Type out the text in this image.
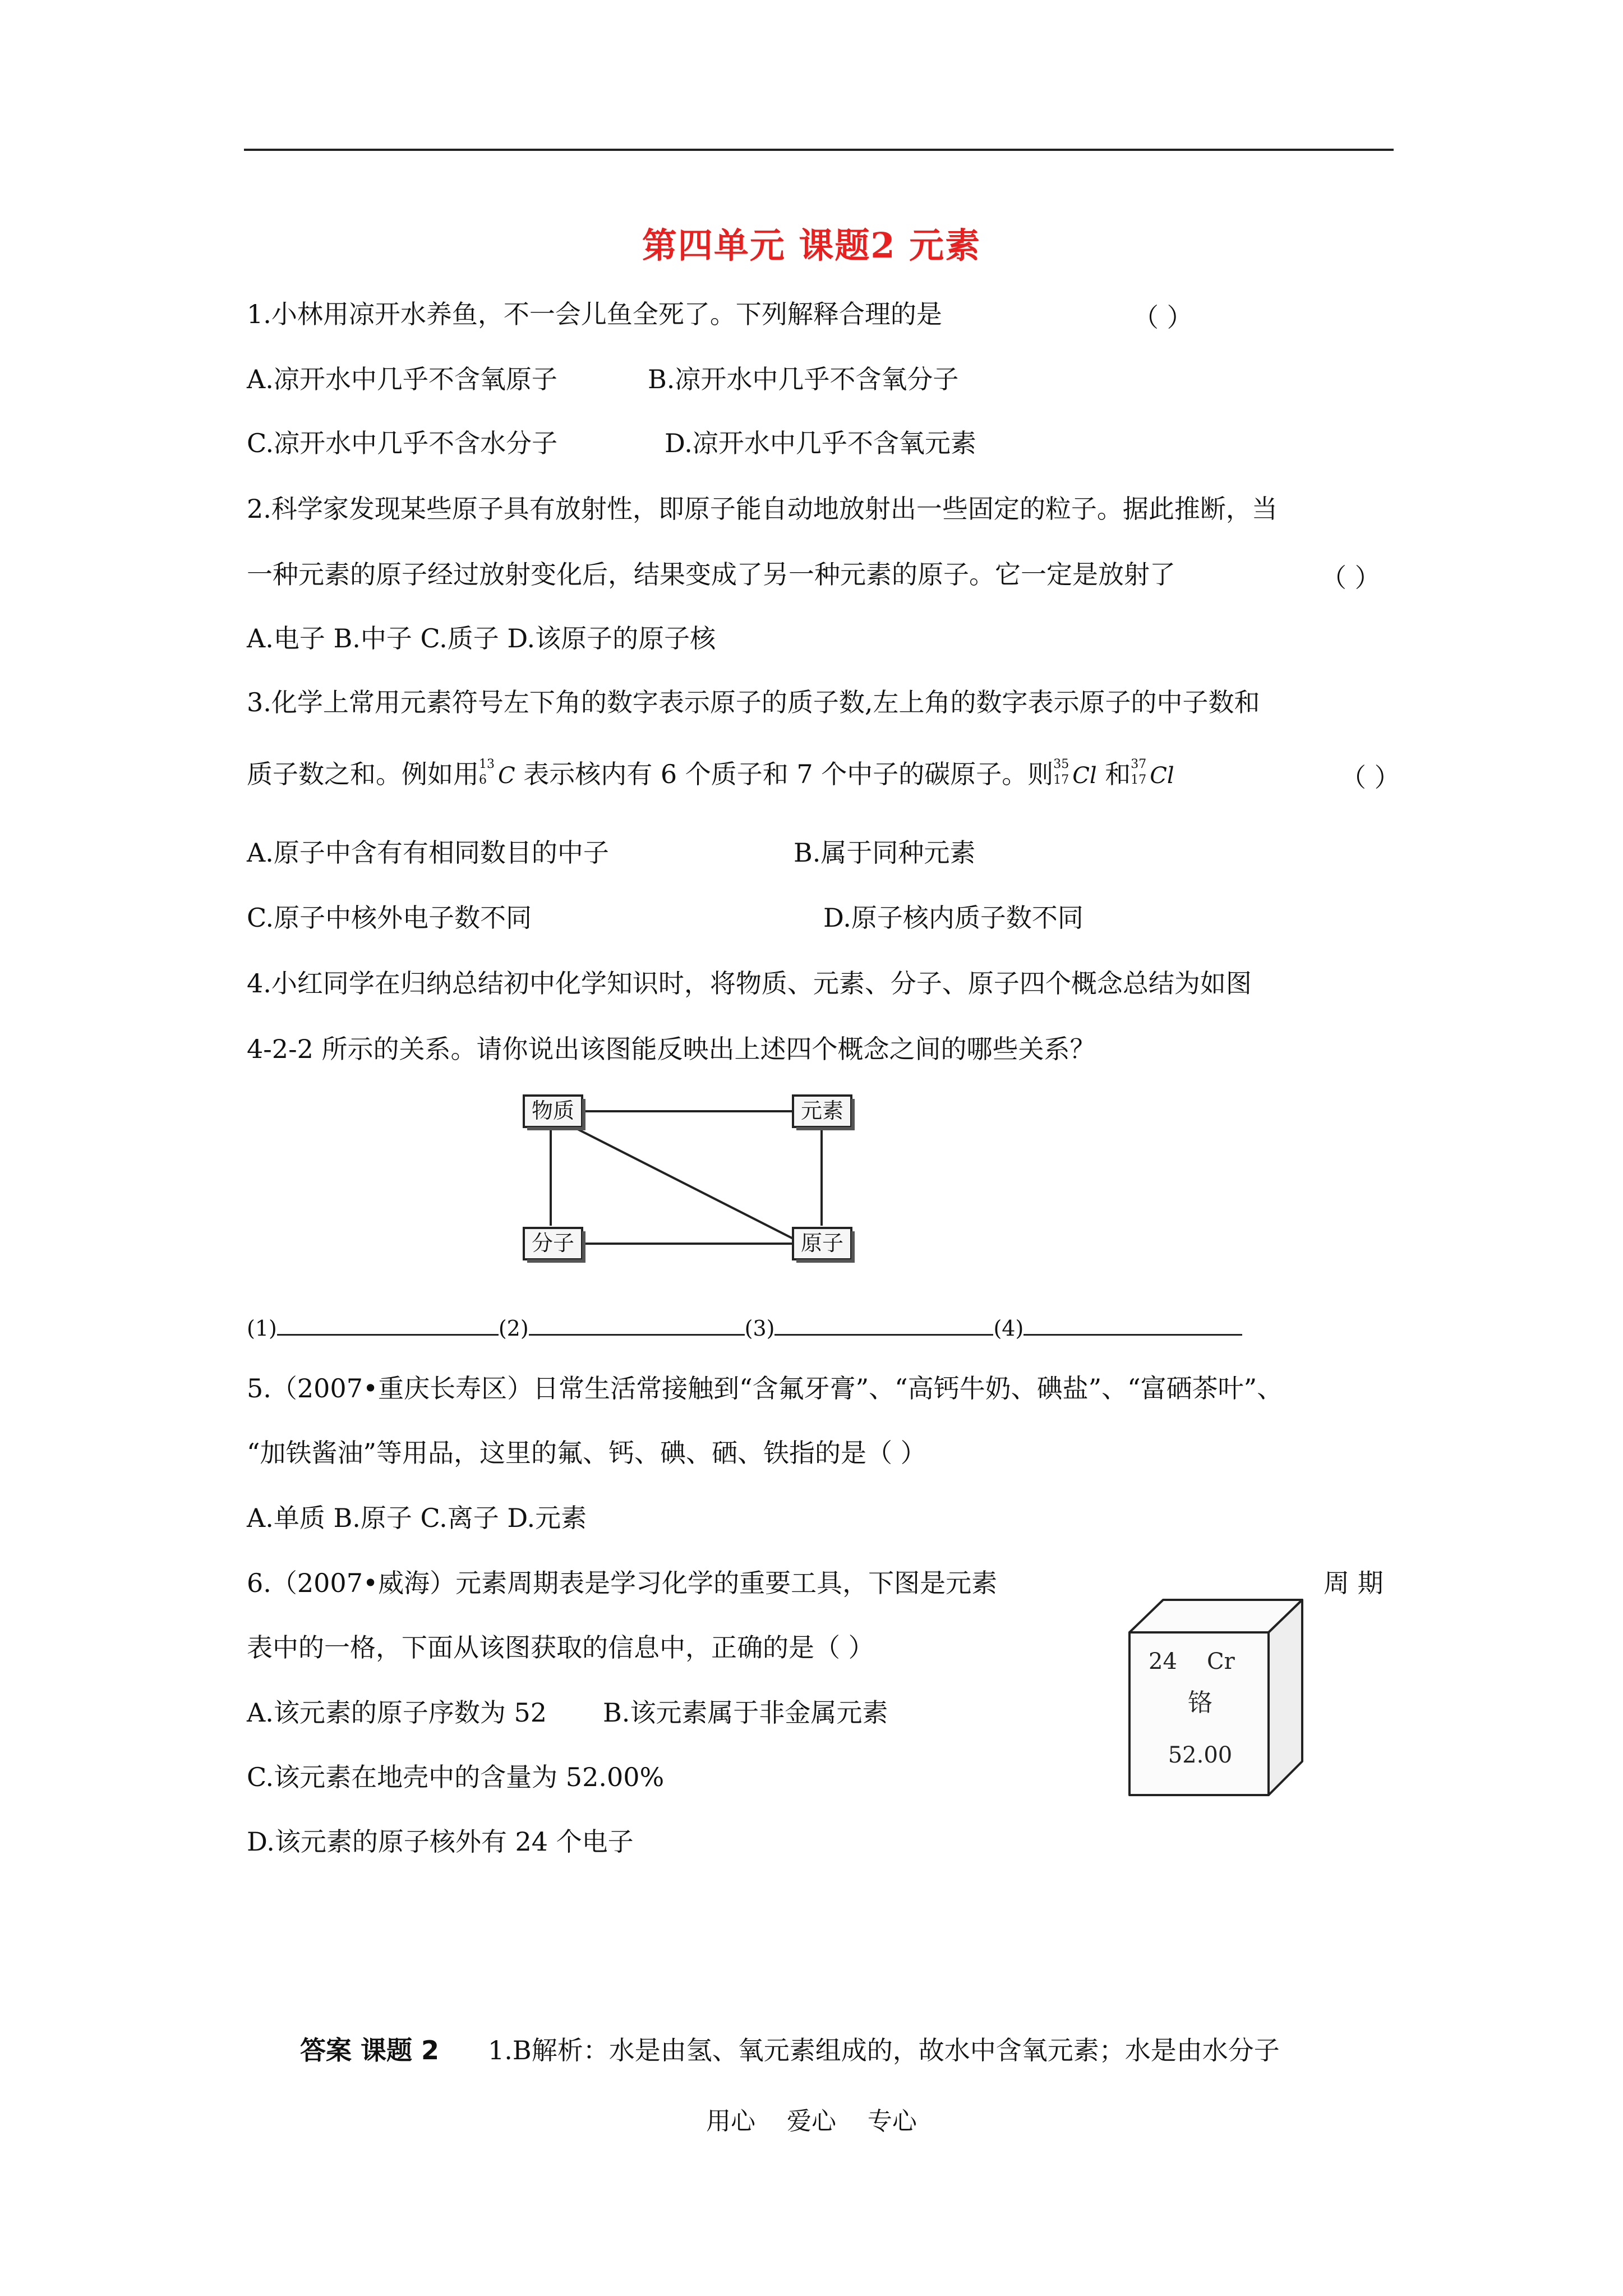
第四单元 课题2 元素
1.小林用凉开水养鱼，不一会儿鱼全死了。下列解释合理的是	（ ）
A.凉开水中几乎不含氧原子	B.凉开水中几乎不含氧分子
C.凉开水中几乎不含水分子	D.凉开水中几乎不含氧元素
2.科学家发现某些原子具有放射性，即原子能自动地放射出一些固定的粒子。据此推断，当
一种元素的原子经过放射变化后，结果变成了另一种元素的原子。它一定是放射了	（ ）
A.电子 B.中子 C.质子 D.该原子的原子核
3.化学上常用元素符号左下角的数字表示原子的质子数,左上角的数字表示原子的中子数和
质子数之和。例如用 13
6 C 表示核内有 6 个质子和 7 个中子的碳原子。则 35
17 Cl 和 37
17 Cl	（ ）
A.原子中含有有相同数目的中子	B.属于同种元素
C.原子中核外电子数不同	D.原子核内质子数不同
4.小红同学在归纳总结初中化学知识时，将物质、元素、分子、原子四个概念总结为如图
4-2-2 所示的关系。请你说出该图能反映出上述四个概念之间的哪些关系？
物质	元素
分子	原子
(1)	(2)	(3)	(4)
5.（2007•重庆长寿区）日常生活常接触到“含氟牙膏”、“高钙牛奶、碘盐”、“富硒茶叶”、
“加铁酱油”等用品，这里的氟、钙、碘、硒、铁指的是（ ）
A.单质 B.原子 C.离子 D.元素
6.（2007•威海）元素周期表是学习化学的重要工具，下图是元素	周 期
表中的一格，下面从该图获取的信息中，正确的是（ ）
A.该元素的原子序数为 52 B.该元素属于非金属元素
C.该元素在地壳中的含量为 52.00%
D.该元素的原子核外有 24 个电子
24 Cr
铬
52.00
答案 课题 2 1.B解析：水是由氢、氧元素组成的，故水中含氧元素；水是由水分子
用心    爱心    专心
